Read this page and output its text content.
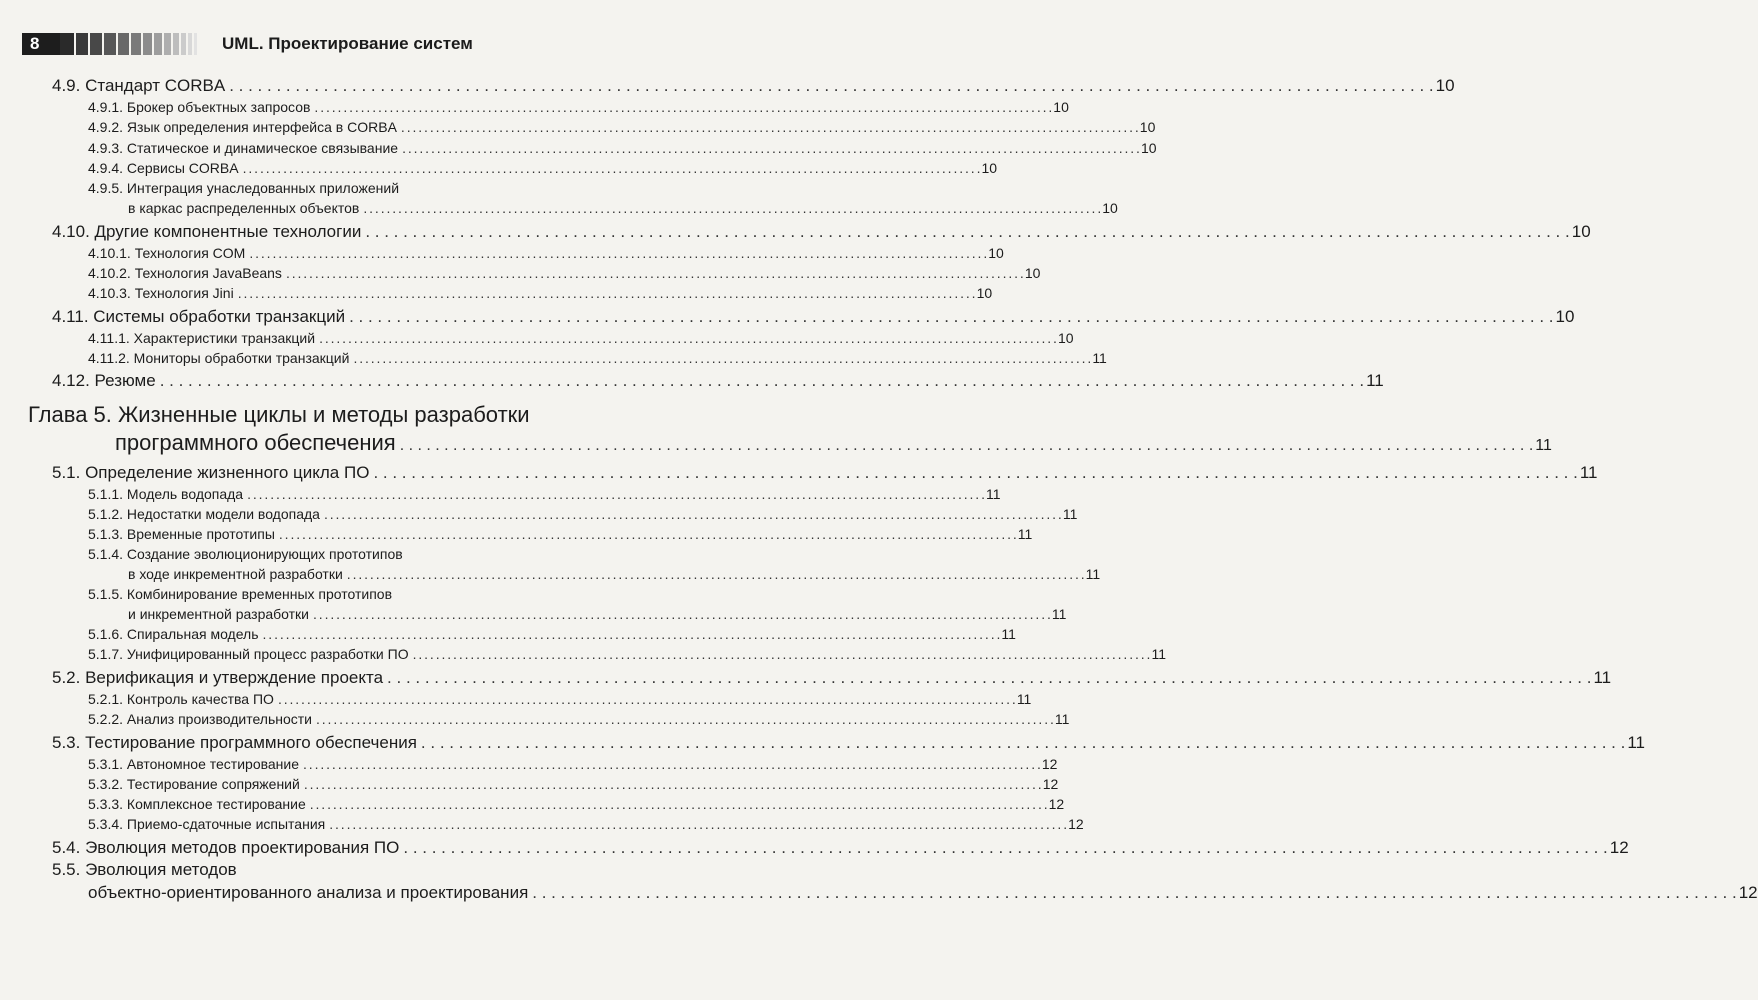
8	UML. Проектирование систем
4.9. Стандарт CORBA . . .	10
4.9.1. Брокер объектных запросов . . .	10
4.9.2. Язык определения интерфейса в CORBA . . .	10
4.9.3. Статическое и динамическое связывание . . .	10
4.9.4. Сервисы CORBA . . .	10
4.9.5. Интеграция унаследованных приложений
в каркас распределенных объектов . . .	10
4.10. Другие компонентные технологии . . .	10
4.10.1. Технология COM . . .	10
4.10.2. Технология JavaBeans . . .	10
4.10.3. Технология Jini . . .	10
4.11. Системы обработки транзакций . . .	10
4.11.1. Характеристики транзакций . . .	10
4.11.2. Мониторы обработки транзакций . . .	11
4.12. Резюме . . .	11
Глава 5. Жизненные циклы и методы разработки
программного обеспечения . . .	11
5.1. Определение жизненного цикла ПО . . .	11
5.1.1. Модель водопада . . .	11
5.1.2. Недостатки модели водопада . . .	11
5.1.3. Временные прототипы . . .	11
5.1.4. Создание эволюционирующих прототипов
в ходе инкрементной разработки . . .	11
5.1.5. Комбинирование временных прототипов
и инкрементной разработки . . .	11
5.1.6. Спиральная модель . . .	11
5.1.7. Унифицированный процесс разработки ПО . . .	11
5.2. Верификация и утверждение проекта . . .	11
5.2.1. Контроль качества ПО . . .	11
5.2.2. Анализ производительности . . .	11
5.3. Тестирование программного обеспечения . . .	11
5.3.1. Автономное тестирование . . .	12
5.3.2. Тестирование сопряжений . . .	12
5.3.3. Комплексное тестирование . . .	12
5.3.4. Приемо-сдаточные испытания . . .	12
5.4. Эволюция методов проектирования ПО . . .	12
5.5. Эволюция методов
объектно-ориентированного анализа и проектирования . . .	12
